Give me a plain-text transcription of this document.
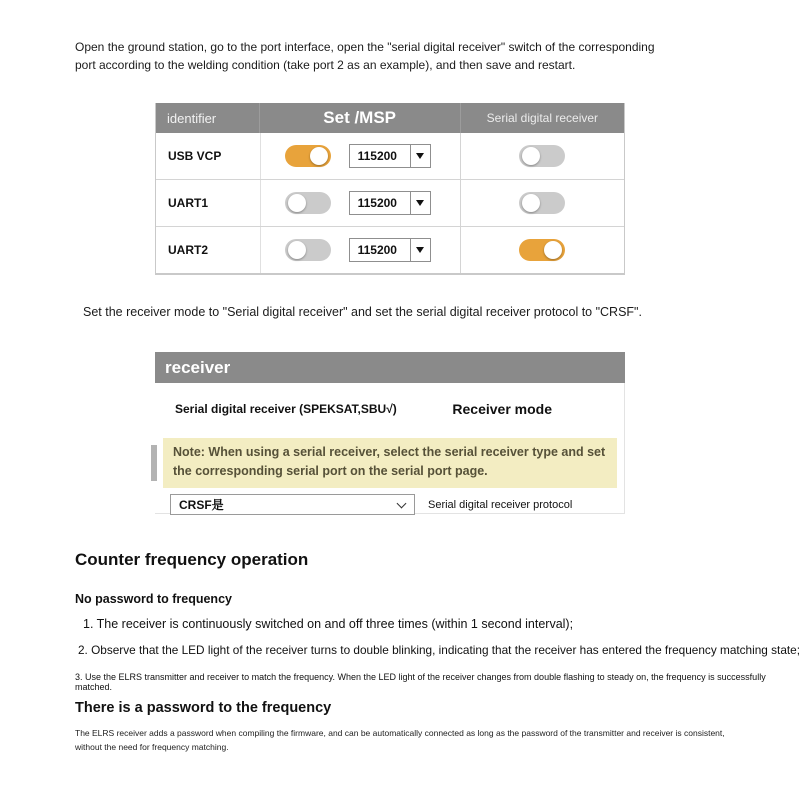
Open the ground station, go to the port interface, open the "serial digital receiver" switch of the corresponding port according to the welding condition (take port 2 as an example), and then save and restart.

identifier	Set /MSP	Serial digital receiver
USB VCP	115200
UART1	115200
UART2	115200

Set the receiver mode to "Serial digital receiver" and set the serial digital receiver protocol to "CRSF".

receiver
Serial digital receiver (SPEKSAT,SBU√)	Receiver mode
Note: When using a serial receiver, select the serial receiver type and set the corresponding serial port on the serial port page.
CRSF是	Serial digital receiver protocol
Counter frequency operation
No password to frequency

1. The receiver is continuously switched on and off three times (within 1 second interval);

2. Observe that the LED light of the receiver turns to double blinking, indicating that the receiver has entered the frequency matching state;

3. Use the ELRS transmitter and receiver to match the frequency. When the LED light of the receiver changes from double flashing to steady on, the frequency is successfully matched.

There is a password to the frequency

The ELRS receiver adds a password when compiling the firmware, and can be automatically connected as long as the password of the transmitter and receiver is consistent, without the need for frequency matching.
